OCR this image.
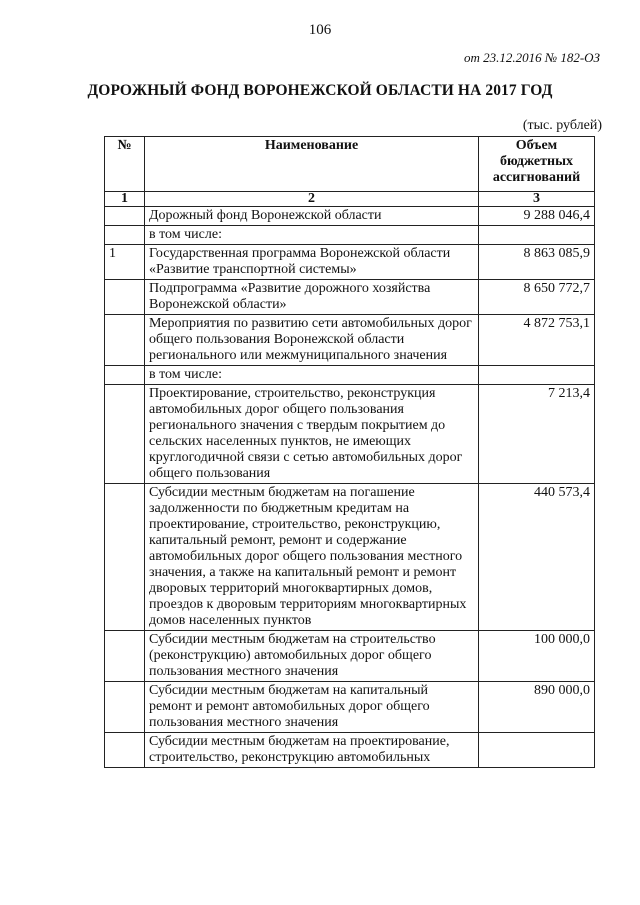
106
от 23.12.2016 № 182-ОЗ
ДОРОЖНЫЙ ФОНД ВОРОНЕЖСКОЙ ОБЛАСТИ НА 2017 ГОД
(тыс. рублей)
№	Наименование	Объем бюджетных ассигнований
1	2	3
	Дорожный фонд Воронежской области	9 288 046,4
	в том числе:	
1	Государственная программа Воронежской области «Развитие транспортной системы»	8 863 085,9
	Подпрограмма «Развитие дорожного хозяйства Воронежской области»	8 650 772,7
	Мероприятия по развитию сети автомобильных дорог общего пользования Воронежской области регионального или межмуниципального значения	4 872 753,1
	в том числе:	
	Проектирование, строительство, реконструкция автомобильных дорог общего пользования регионального значения с твердым покрытием до сельских населенных пунктов, не имеющих круглогодичной связи с сетью автомобильных дорог общего пользования	7 213,4
	Субсидии местным бюджетам на погашение задолженности по бюджетным кредитам на проектирование, строительство, реконструкцию, капитальный ремонт, ремонт и содержание автомобильных дорог общего пользования местного значения, а также на капитальный ремонт и ремонт дворовых территорий многоквартирных домов, проездов к дворовым территориям многоквартирных домов населенных пунктов	440 573,4
	Субсидии местным бюджетам на строительство (реконструкцию) автомобильных дорог общего пользования местного значения	100 000,0
	Субсидии местным бюджетам на капитальный ремонт и ремонт автомобильных дорог общего пользования местного значения	890 000,0
	Субсидии местным бюджетам на проектирование, строительство, реконструкцию автомобильных	
